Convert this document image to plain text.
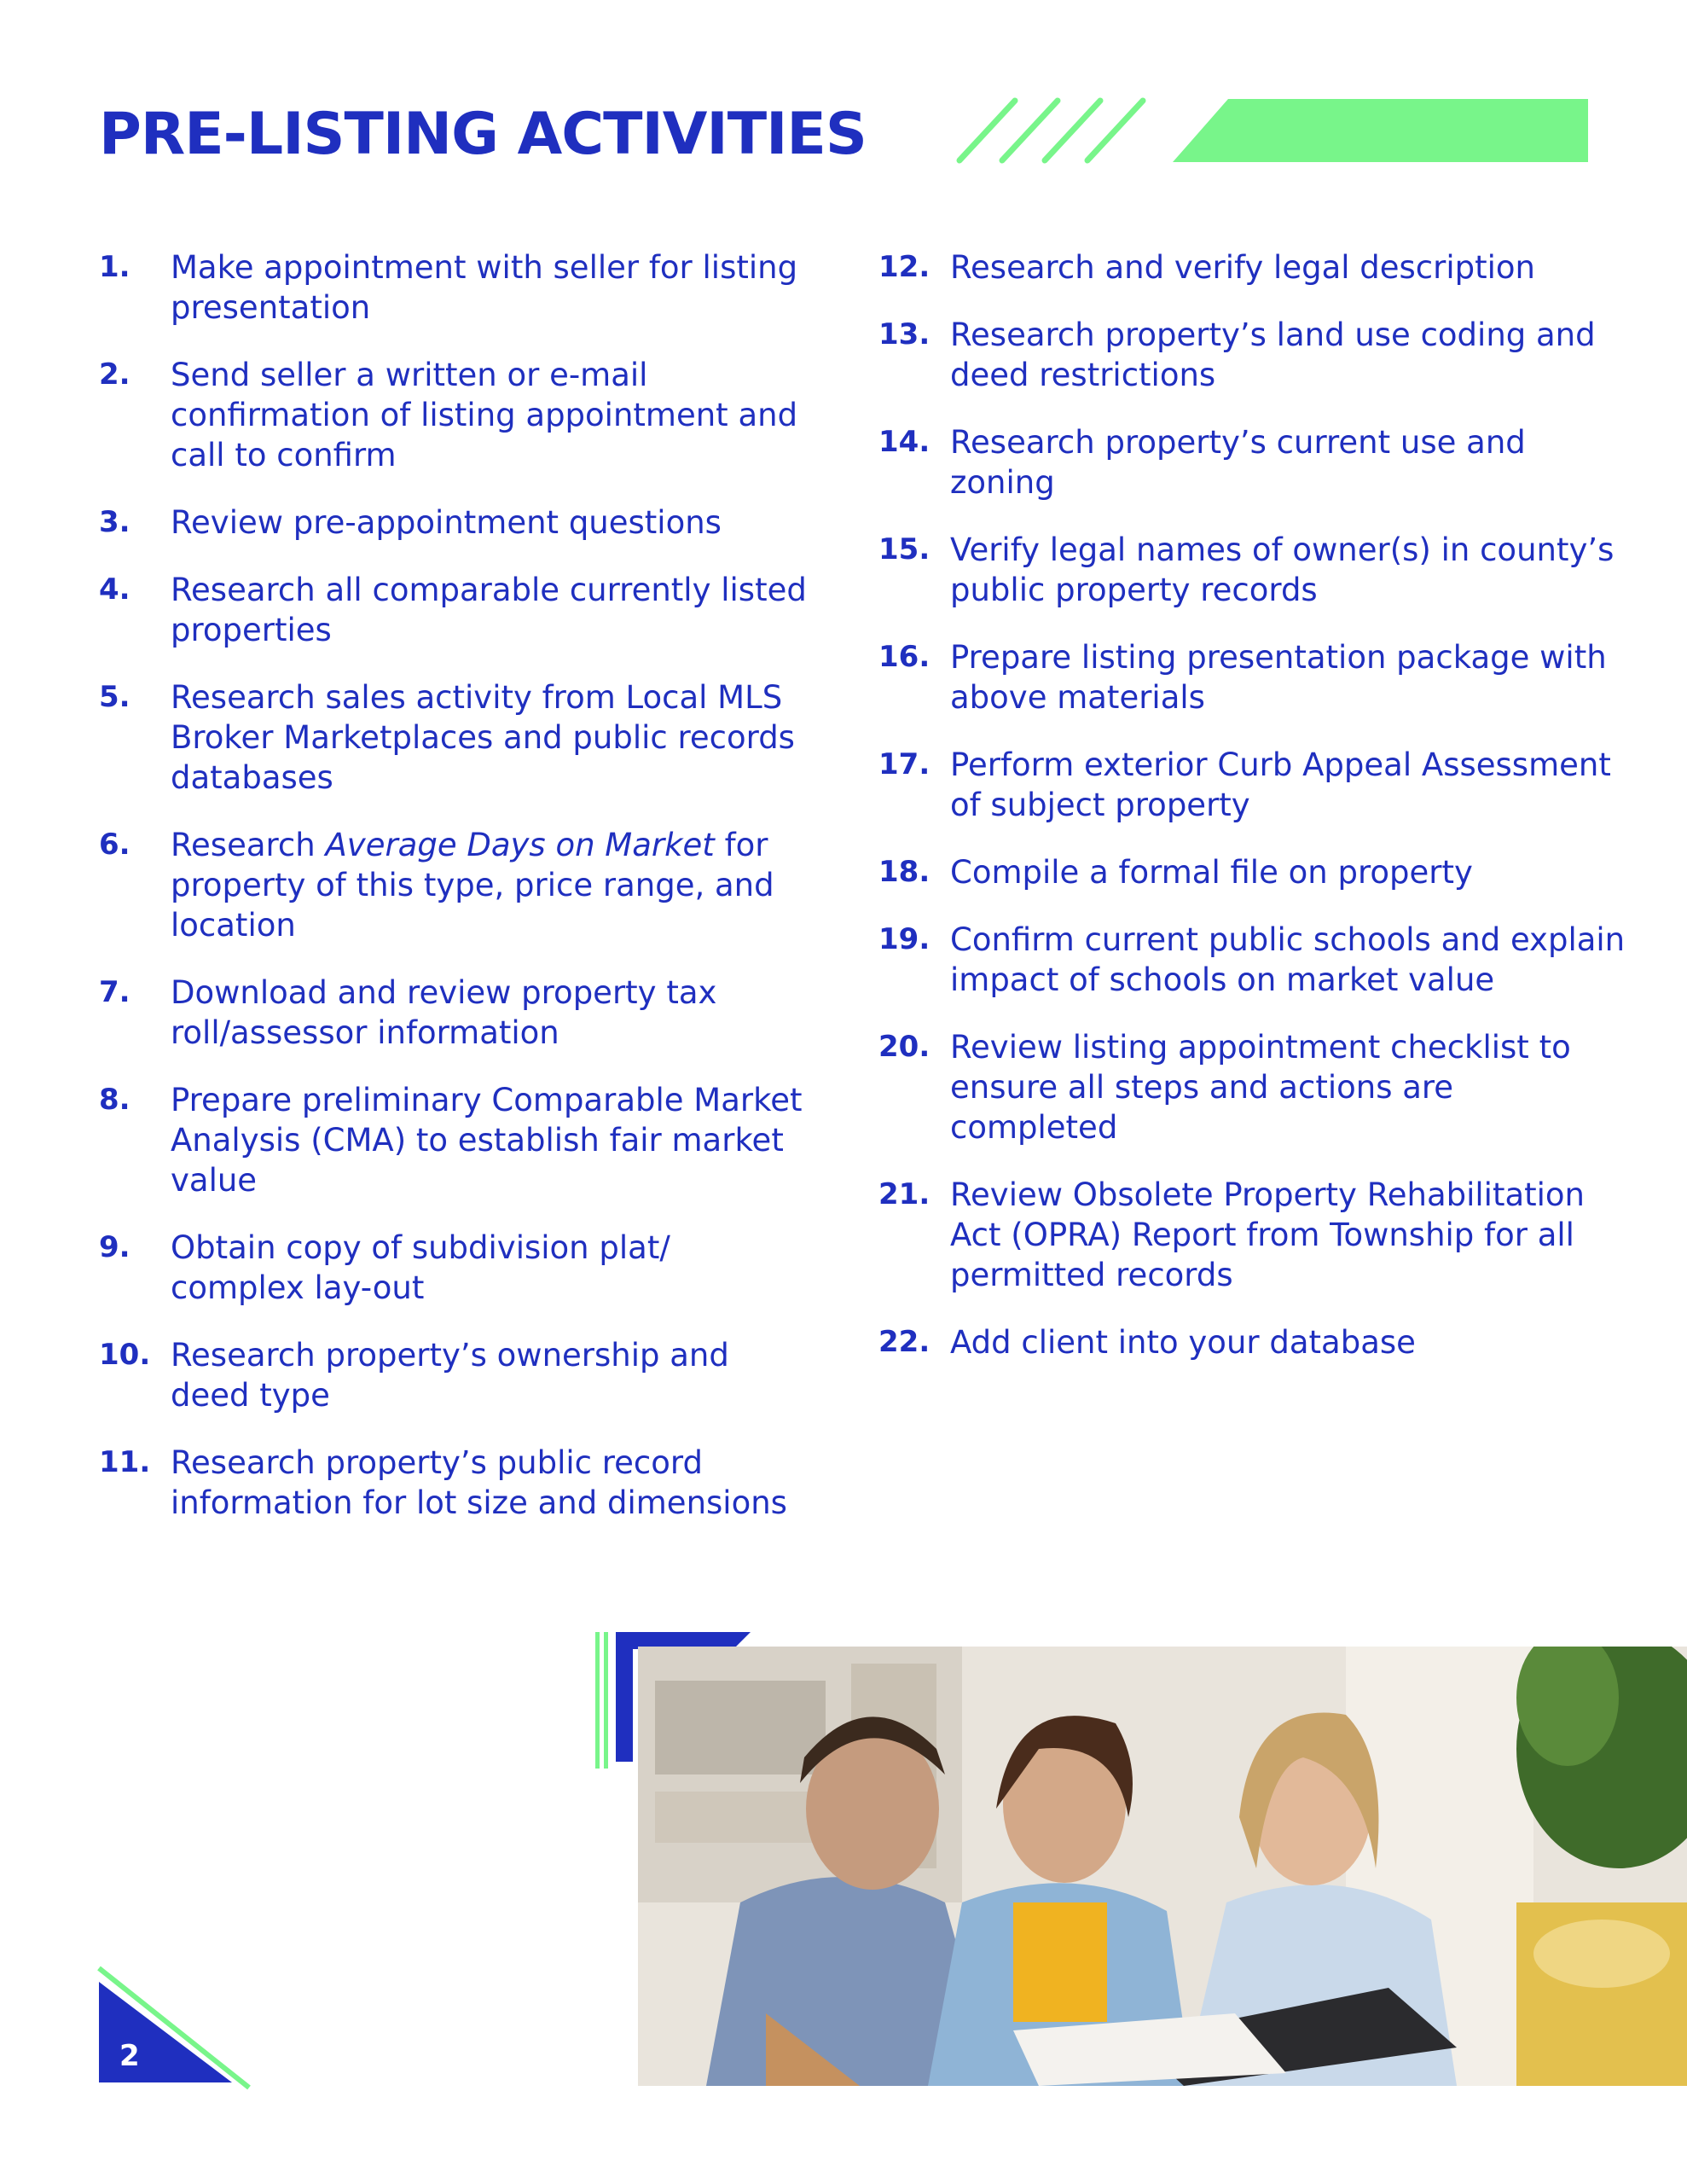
PRE-LISTING ACTIVITIES
1.	Make appointment with seller for listing presentation
2.	Send seller a written or e-mail confirmation of listing appointment and call to confirm
3.	Review pre-appointment questions
4.	Research all comparable currently listed properties
5.	Research sales activity from Local MLS Broker Marketplaces and public records databases
6.	Research Average Days on Market for property of this type, price range, and location
7.	Download and review property tax roll/assessor information
8.	Prepare preliminary Comparable Market Analysis (CMA) to establish fair market value
9.	Obtain copy of subdivision plat/ complex lay-out
10. Research property’s ownership and deed type
11. Research property’s public record information for lot size and dimensions
12. Research and verify legal description
13. Research property’s land use coding and deed restrictions
14. Research property’s current use and zoning
15. Verify legal names of owner(s) in county’s public property records
16. Prepare listing presentation package with above materials
17. Perform exterior Curb Appeal Assessment of subject property
18. Compile a formal file on property
19. Confirm current public schools and explain impact of schools on market value
20. Review listing appointment checklist to ensure all steps and actions are completed
21. Review Obsolete Property Rehabilitation Act (OPRA) Report from Township for all permitted records
22. Add client into your database
2
